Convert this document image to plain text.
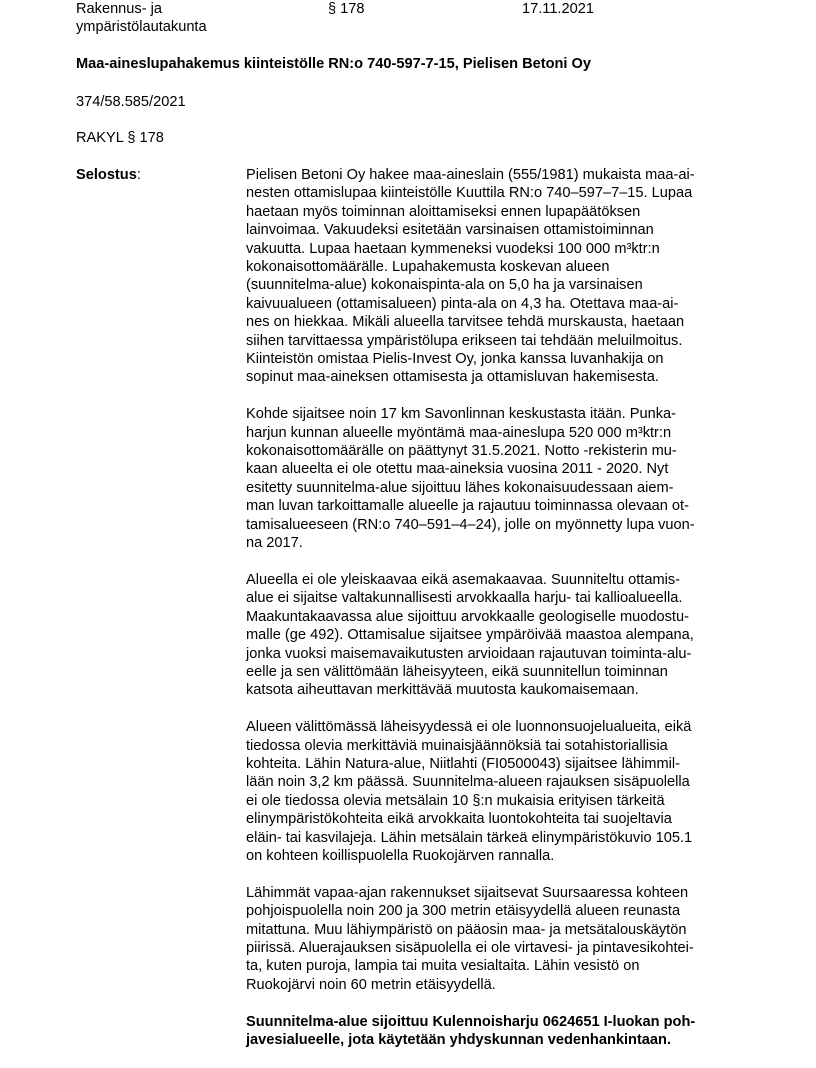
Rakennus- ja
ympäristölautakunta
§ 178	17.11.2021
Maa-aineslupahakemus kiinteistölle RN:o 740-597-7-15, Pielisen Betoni Oy
374/58.585/2021
RAKYL § 178
Selostus:	Pielisen Betoni Oy hakee maa-aineslain (555/1981) mukaista maa-ai-
nesten ottamislupaa kiinteistölle Kuuttila RN:o 740–597–7–15. Lupaa
haetaan myös toiminnan aloittamiseksi ennen lupapäätöksen
lainvoimaa. Vakuudeksi esitetään varsinaisen ottamistoiminnan
vakuutta. Lupaa haetaan kymmeneksi vuodeksi 100 000 m³ktr:n
kokonaisottomäärälle. Lupahakemusta koskevan alueen
(suunnitelma-alue) kokonaispinta-ala on 5,0 ha ja varsinaisen
kaivuualueen (ottamisalueen) pinta-ala on 4,3 ha. Otettava maa-ai-
nes on hiekkaa. Mikäli alueella tarvitsee tehdä murskausta, haetaan
siihen tarvittaessa ympäristölupa erikseen tai tehdään meluilmoitus.
Kiinteistön omistaa Pielis-Invest Oy, jonka kanssa luvanhakija on
sopinut maa-aineksen ottamisesta ja ottamisluvan hakemisesta.
Kohde sijaitsee noin 17 km Savonlinnan keskustasta itään. Punka-
harjun kunnan alueelle myöntämä maa-aineslupa 520 000 m³ktr:n
kokonaisottomäärälle on päättynyt 31.5.2021. Notto -rekisterin mu-
kaan alueelta ei ole otettu maa-aineksia vuosina 2011 - 2020. Nyt
esitetty suunnitelma-alue sijoittuu lähes kokonaisuudessaan aiem-
man luvan tarkoittamalle alueelle ja rajautuu toiminnassa olevaan ot-
tamisalueeseen (RN:o 740–591–4–24), jolle on myönnetty lupa vuon-
na 2017.
Alueella ei ole yleiskaavaa eikä asemakaavaa. Suunniteltu ottamis-
alue ei sijaitse valtakunnallisesti arvokkaalla harju- tai kallioalueella.
Maakuntakaavassa alue sijoittuu arvokkaalle geologiselle muodostu-
malle (ge 492). Ottamisalue sijaitsee ympäröivää maastoa alempana,
jonka vuoksi maisemavaikutusten arvioidaan rajautuvan toiminta-alu-
eelle ja sen välittömään läheisyyteen, eikä suunnitellun toiminnan
katsota aiheuttavan merkittävää muutosta kaukomaisemaan.
Alueen välittömässä läheisyydessä ei ole luonnonsuojelualueita, eikä
tiedossa olevia merkittäviä muinaisjäännöksiä tai sotahistoriallisia
kohteita. Lähin Natura-alue, Niitlahti (FI0500043) sijaitsee lähimmil-
lään noin 3,2 km päässä. Suunnitelma-alueen rajauksen sisäpuolella
ei ole tiedossa olevia metsälain 10 §:n mukaisia erityisen tärkeitä
elinympäristökohteita eikä arvokkaita luontokohteita tai suojeltavia
eläin- tai kasvilajeja. Lähin metsälain tärkeä elinympäristökuvio 105.1
on kohteen koillispuolella Ruokojärven rannalla.
Lähimmät vapaa-ajan rakennukset sijaitsevat Suursaaressa kohteen
pohjoispuolella noin 200 ja 300 metrin etäisyydellä alueen reunasta
mitattuna. Muu lähiympäristö on pääosin maa- ja metsätalouskäytön
piirissä. Aluerajauksen sisäpuolella ei ole virtavesi- ja pintavesikohtei-
ta, kuten puroja, lampia tai muita vesialtaita. Lähin vesistö on
Ruokojärvi noin 60 metrin etäisyydellä.
Suunnitelma-alue sijoittuu Kulennoisharju 0624651 I-luokan poh-
javesialueelle, jota käytetään yhdyskunnan vedenhankintaan.
